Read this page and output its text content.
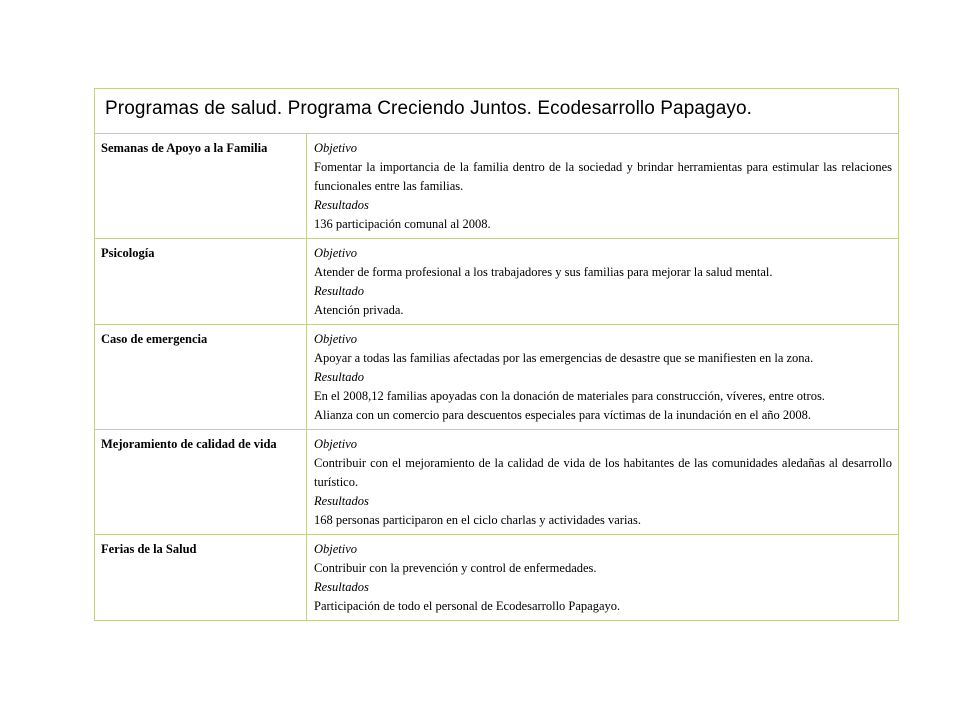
Programas de salud. Programa Creciendo Juntos. Ecodesarrollo Papagayo.	
Semanas de Apoyo a la Familia	Objetivo
Fomentar la importancia de la familia dentro de la sociedad y brindar herramientas para estimular las relaciones funcionales entre las familias.
Resultados
136 participación comunal al 2008.

Psicología	Objetivo
Atender de forma profesional a los trabajadores y sus familias para mejorar la salud mental.
Resultado
Atención privada.

Caso de emergencia	Objetivo
Apoyar a todas las familias afectadas por las emergencias de desastre que se manifiesten en la zona.
Resultado
En el 2008,12 familias apoyadas con la donación de materiales para construcción, víveres, entre otros.
Alianza con un comercio para descuentos especiales para víctimas de la inundación en el año 2008.

Mejoramiento de calidad de vida	Objetivo
Contribuir con el mejoramiento de la calidad de vida de los habitantes de las comunidades aledañas al desarrollo turístico.
Resultados
168 personas participaron en el ciclo charlas y actividades varias.

Ferias de la Salud	Objetivo
Contribuir con la prevención y control de enfermedades.
Resultados
Participación de todo el personal de Ecodesarrollo Papagayo.
